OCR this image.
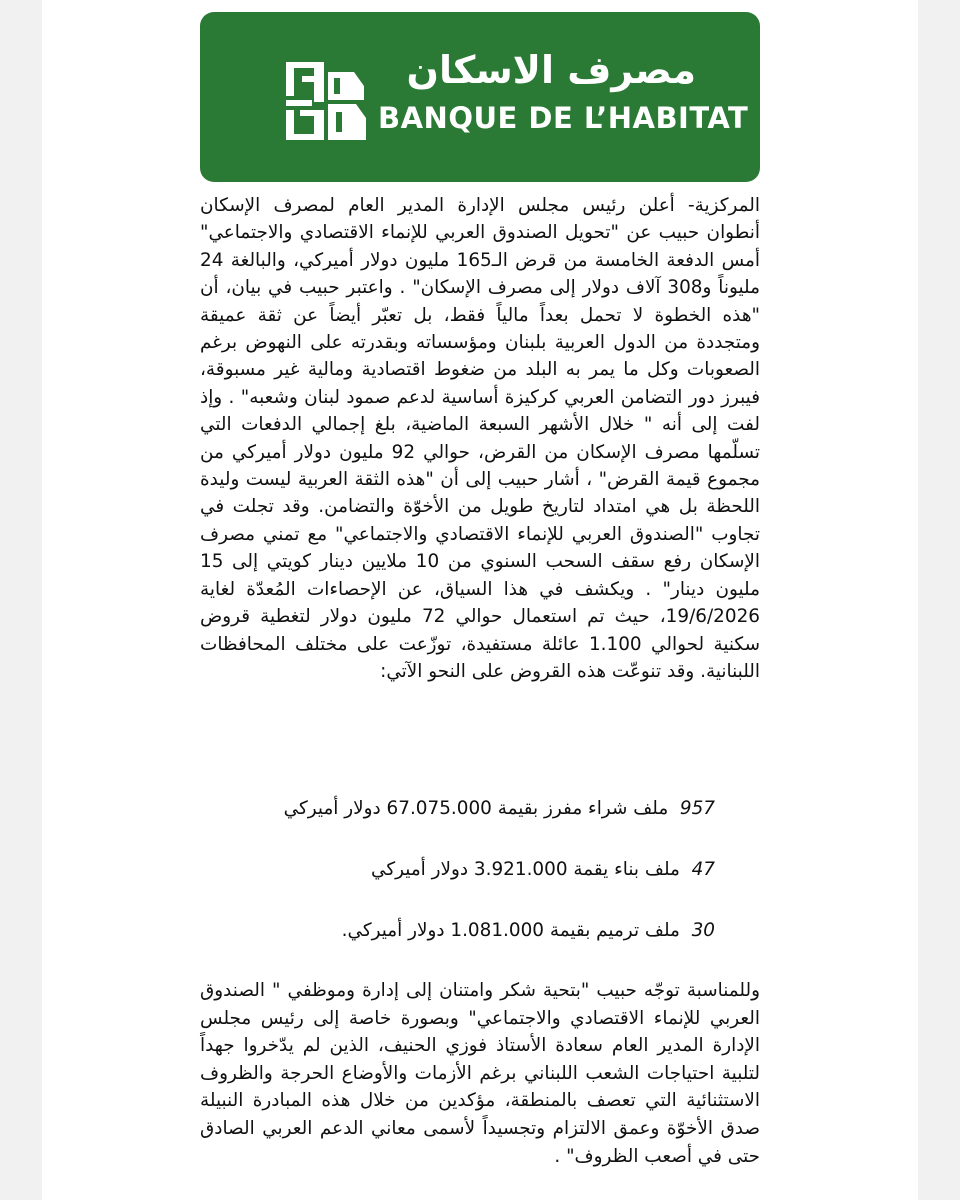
مصرف الاسكان
BANQUE DE L’HABITAT

المركزية- أعلن رئيس مجلس الإدارة المدير العام لمصرف الإسكان أنطوان حبيب عن "تحويل الصندوق العربي للإنماء الاقتصادي والاجتماعي" أمس الدفعة الخامسة من قرض الـ165 مليون دولار أميركي، والبالغة 24 مليوناً و308 آلاف دولار إلى مصرف الإسكان" . واعتبر حبيب في بيان، أن "هذه الخطوة لا تحمل بعداً مالياً فقط، بل تعبّر أيضاً عن ثقة عميقة ومتجددة من الدول العربية بلبنان ومؤسساته وبقدرته على النهوض برغم الصعوبات وكل ما يمر به البلد من ضغوط اقتصادية ومالية غير مسبوقة، فيبرز دور التضامن العربي كركيزة أساسية لدعم صمود لبنان وشعبه" . وإذ لفت إلى أنه " خلال الأشهر السبعة الماضية، بلغ إجمالي الدفعات التي تسلّمها مصرف الإسكان من القرض، حوالي 92 مليون دولار أميركي من مجموع قيمة القرض" ، أشار حبيب إلى أن "هذه الثقة العربية ليست وليدة اللحظة بل هي امتداد لتاريخ طويل من الأخوّة والتضامن. وقد تجلت في تجاوب "الصندوق العربي للإنماء الاقتصادي والاجتماعي" مع تمني مصرف الإسكان رفع سقف السحب السنوي من 10 ملايين دينار كويتي إلى 15 مليون دينار" . ويكشف في هذا السياق، عن الإحصاءات المُعدّة لغاية 19/6/2026، حيث تم استعمال حوالي 72 مليون دولار لتغطية قروض سكنية لحوالي 1.100 عائلة مستفيدة، توزّعت على مختلف المحافظات اللبنانية. وقد تنوعّت هذه القروض على النحو الآتي:

957  ملف شراء مفرز بقيمة 67.075.000 دولار أميركي
47  ملف بناء يقمة 3.921.000 دولار أميركي
30  ملف ترميم بقيمة 1.081.000 دولار أميركي.

وللمناسبة توجّه حبيب "بتحية شكر وامتنان إلى إدارة وموظفي " الصندوق العربي للإنماء الاقتصادي والاجتماعي" وبصورة خاصة إلى رئيس مجلس الإدارة المدير العام سعادة الأستاذ فوزي الحنيف، الذين لم يدّخروا جهداً لتلبية احتياجات الشعب اللبناني برغم الأزمات والأوضاع الحرجة والظروف الاستثنائية التي تعصف بالمنطقة، مؤكدين من خلال هذه المبادرة النبيلة صدق الأخوّة وعمق الالتزام وتجسيداً لأسمى معاني الدعم العربي الصادق حتى في أصعب الظروف" .
